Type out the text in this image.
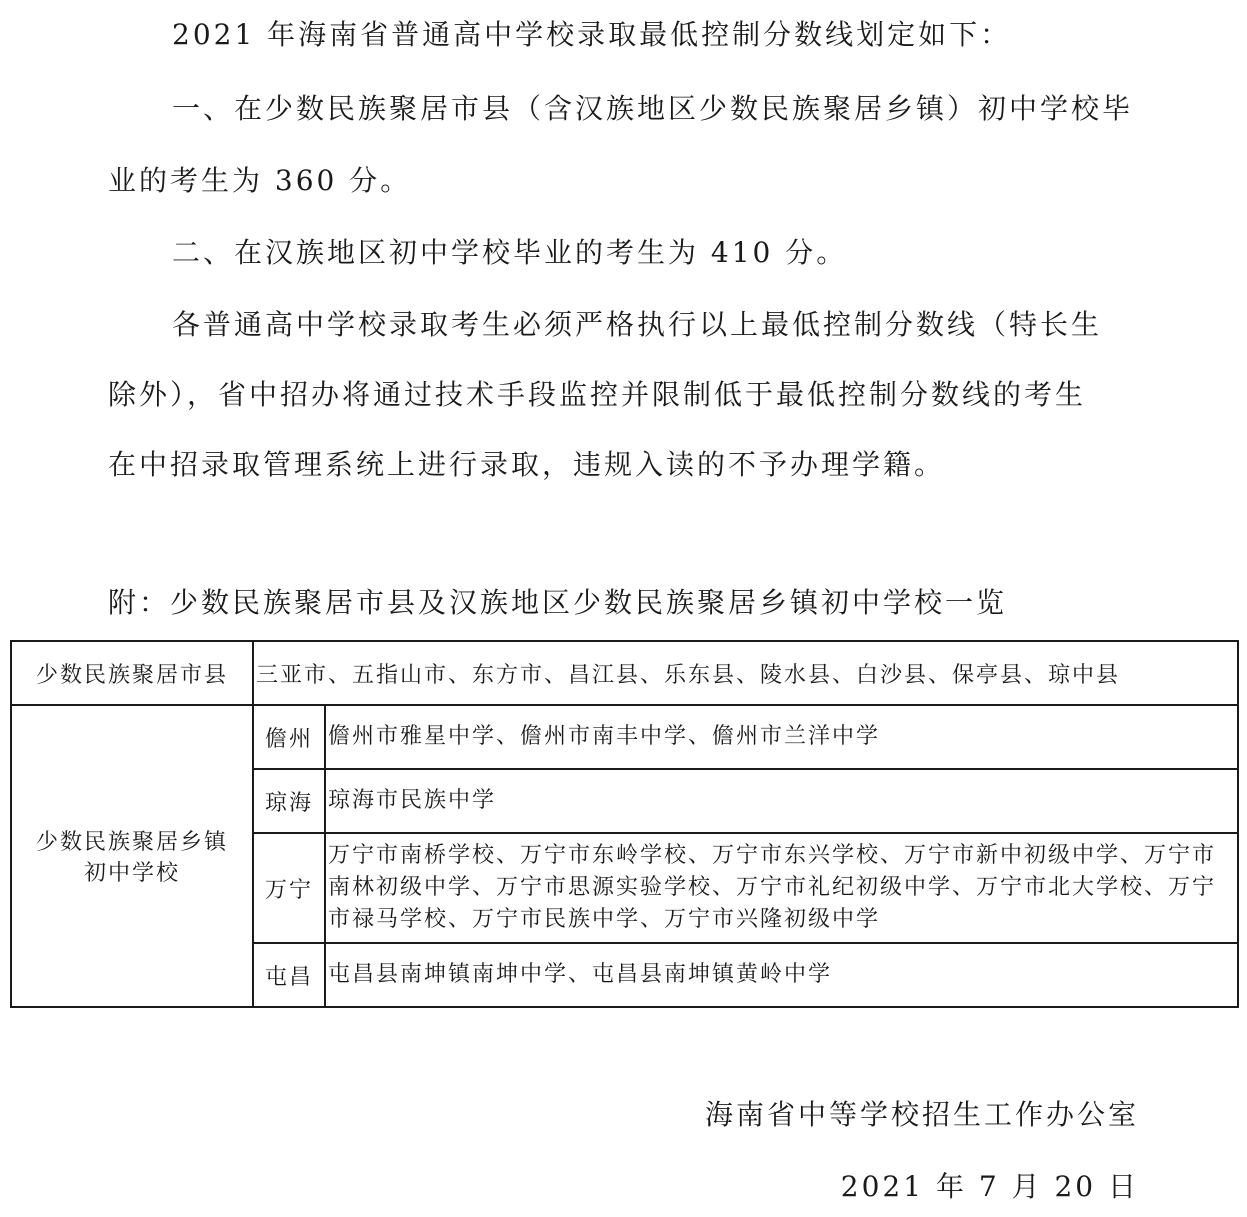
2021 年海南省普通高中学校录取最低控制分数线划定如下：
一、在少数民族聚居市县（含汉族地区少数民族聚居乡镇）初中学校毕
业的考生为 360 分。
二、在汉族地区初中学校毕业的考生为 410 分。
各普通高中学校录取考生必须严格执行以上最低控制分数线（特长生
除外），省中招办将通过技术手段监控并限制低于最低控制分数线的考生
在中招录取管理系统上进行录取，违规入读的不予办理学籍。
附：少数民族聚居市县及汉族地区少数民族聚居乡镇初中学校一览
少数民族聚居市县	三亚市、五指山市、东方市、昌江县、乐东县、陵水县、白沙县、保亭县、琼中县	

少数民族聚居乡镇
初中学校	儋州	儋州市雅星中学、儋州市南丰中学、儋州市兰洋中学
	琼海	琼海市民族中学
	万宁	万宁市南桥学校、万宁市东岭学校、万宁市东兴学校、万宁市新中初级中学、万宁市南林初级中学、万宁市思源实验学校、万宁市礼纪初级中学、万宁市北大学校、万宁市禄马学校、万宁市民族中学、万宁市兴隆初级中学
	屯昌	屯昌县南坤镇南坤中学、屯昌县南坤镇黄岭中学
海南省中等学校招生工作办公室
2021 年 7 月 20 日
